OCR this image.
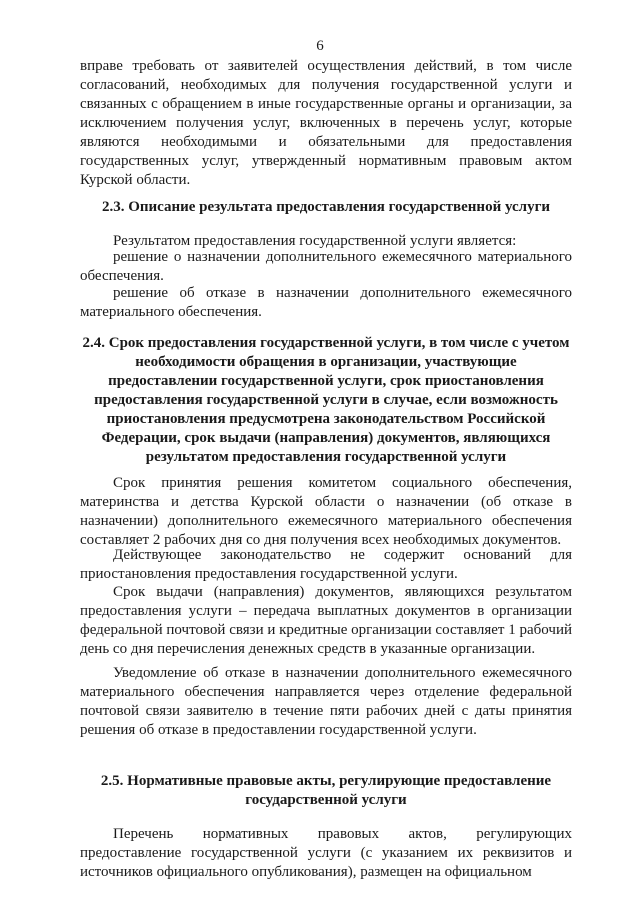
6
вправе требовать от заявителей осуществления действий, в том числе согласований, необходимых для получения государственной услуги и связанных с обращением в иные государственные органы и организации, за исключением получения услуг, включенных в перечень услуг, которые являются необходимыми и обязательными для предоставления государственных услуг, утвержденный нормативным правовым актом Курской области.
2.3. Описание результата предоставления государственной услуги
Результатом предоставления государственной услуги является:
решение о назначении дополнительного ежемесячного материального обеспечения.
решение об отказе в назначении дополнительного ежемесячного материального обеспечения.
2.4. Срок предоставления государственной услуги, в том числе с учетом необходимости обращения в организации, участвующие предоставлении государственной услуги, срок приостановления предоставления государственной услуги в случае, если возможность приостановления предусмотрена законодательством Российской Федерации, срок выдачи (направления) документов, являющихся результатом предоставления государственной услуги
Срок принятия решения комитетом социального обеспечения, материнства и детства Курской области о назначении (об отказе в назначении) дополнительного ежемесячного материального обеспечения составляет 2 рабочих дня со дня получения всех необходимых документов.
Действующее законодательство не содержит оснований для приостановления предоставления государственной услуги.
Срок выдачи (направления) документов, являющихся результатом предоставления услуги – передача выплатных документов в организации федеральной почтовой связи и кредитные организации составляет 1 рабочий день со дня перечисления денежных средств в указанные организации.
Уведомление об отказе в назначении дополнительного ежемесячного материального обеспечения направляется через отделение федеральной почтовой связи заявителю в течение пяти рабочих дней с даты принятия решения об отказе в предоставлении государственной услуги.
2.5. Нормативные правовые акты, регулирующие предоставление государственной услуги
Перечень нормативных правовых актов, регулирующих предоставление государственной услуги (с указанием их реквизитов и источников официального опубликования), размещен на официальном
